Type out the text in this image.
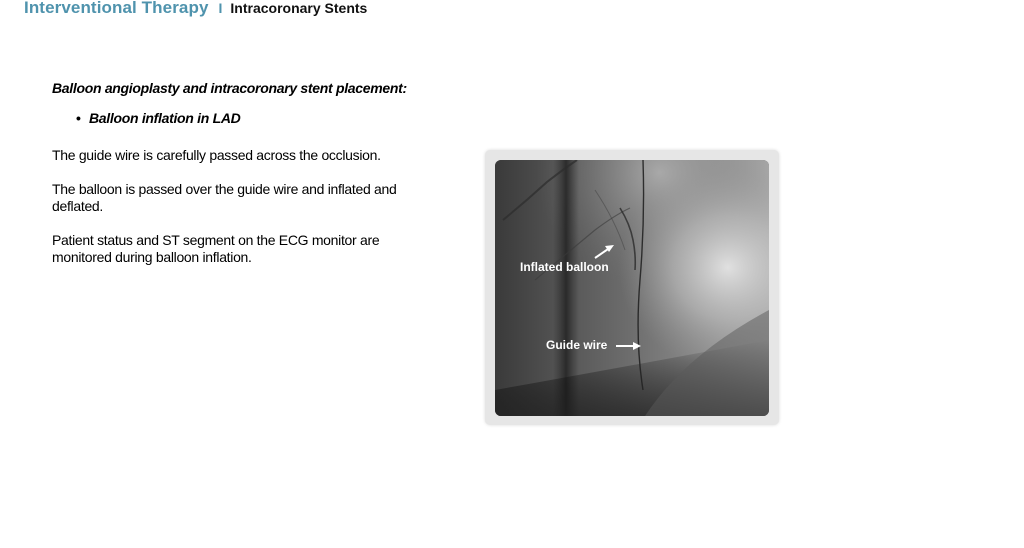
Interventional Therapy I Intracoronary Stents
Balloon angioplasty and intracoronary stent placement:
• Balloon inflation in LAD

The guide wire is carefully passed across the occlusion.

The balloon is passed over the guide wire and inflated and deflated.

Patient status and ST segment on the ECG monitor are monitored during balloon inflation.

Inflated balloon
Guide wire
